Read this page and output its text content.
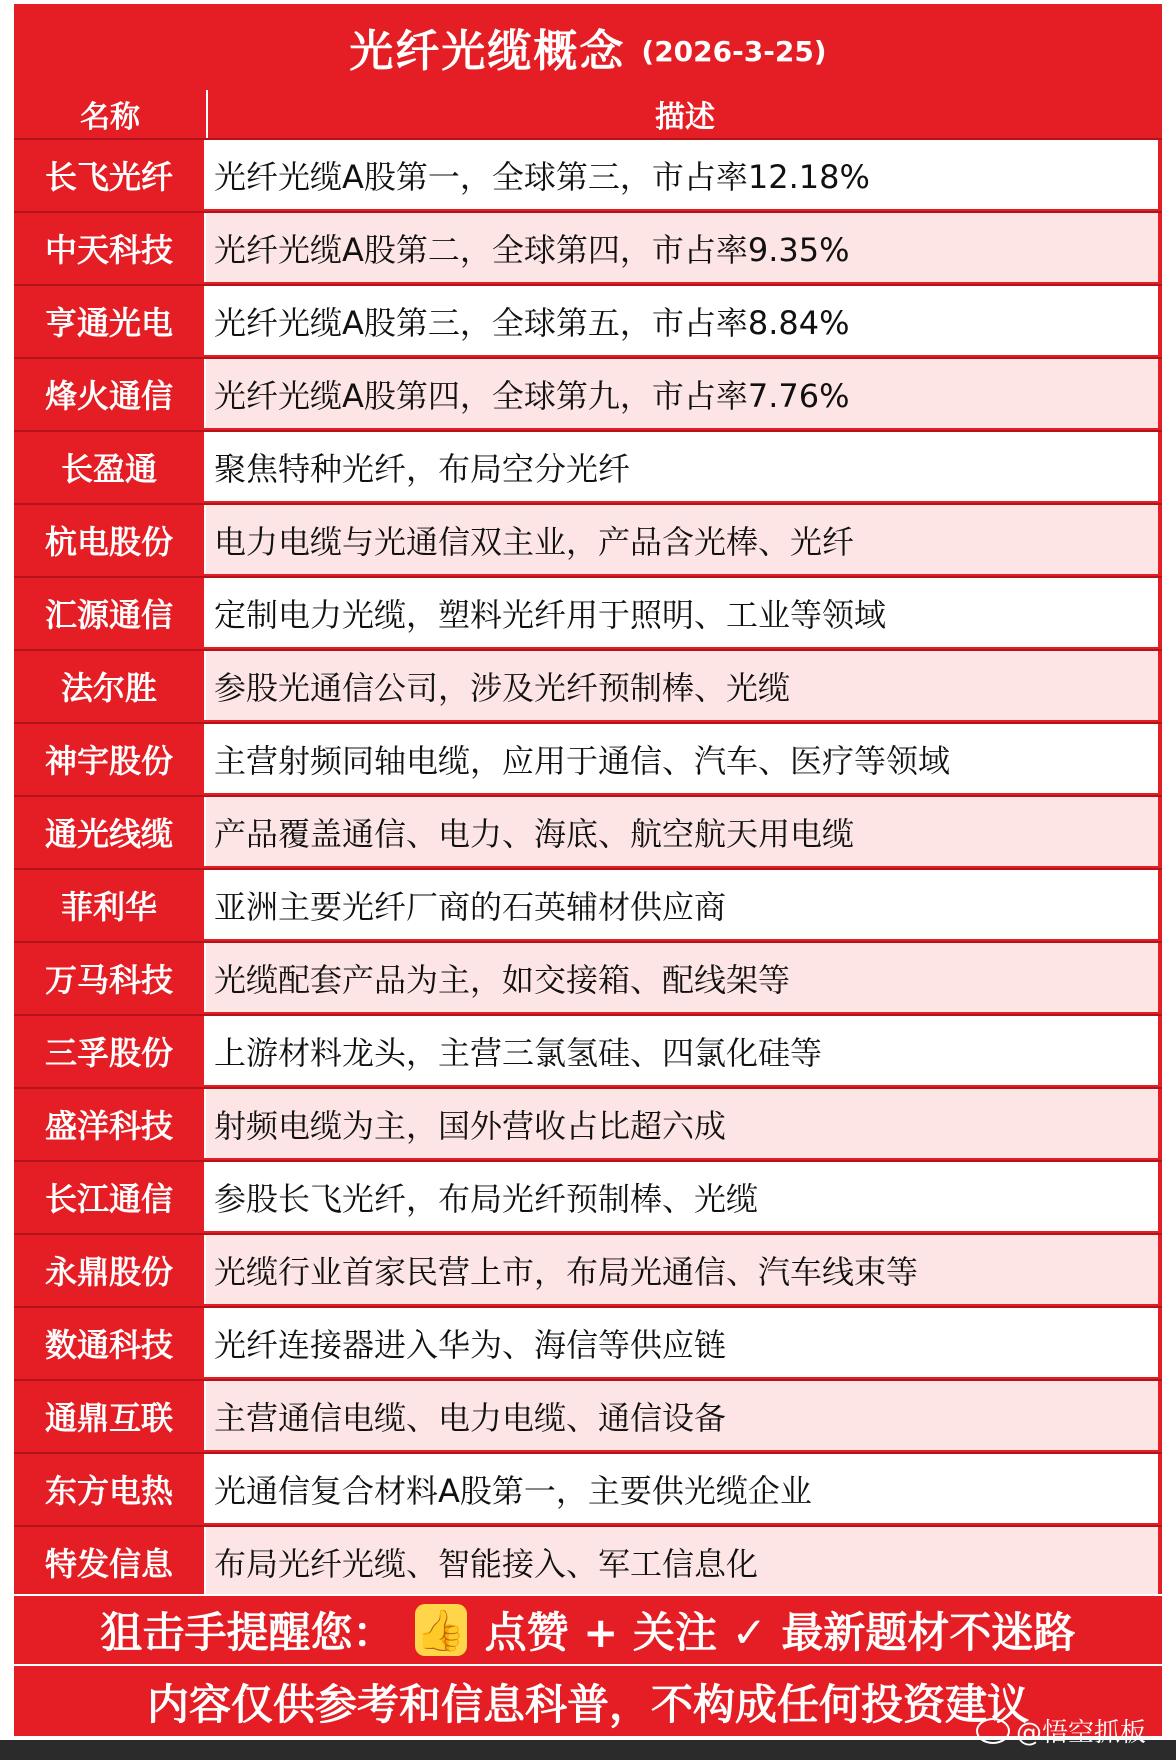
光纤光缆概念 (2026-3-25)
名称	描述
长飞光纤	光纤光缆A股第一，全球第三，市占率12.18%
中天科技	光纤光缆A股第二，全球第四，市占率9.35%
亨通光电	光纤光缆A股第三，全球第五，市占率8.84%
烽火通信	光纤光缆A股第四，全球第九，市占率7.76%
长盈通	聚焦特种光纤，布局空分光纤
杭电股份	电力电缆与光通信双主业，产品含光棒、光纤
汇源通信	定制电力光缆，塑料光纤用于照明、工业等领域
法尔胜	参股光通信公司，涉及光纤预制棒、光缆
神宇股份	主营射频同轴电缆，应用于通信、汽车、医疗等领域
通光线缆	产品覆盖通信、电力、海底、航空航天用电缆
菲利华	亚洲主要光纤厂商的石英辅材供应商
万马科技	光缆配套产品为主，如交接箱、配线架等
三孚股份	上游材料龙头，主营三氯氢硅、四氯化硅等
盛洋科技	射频电缆为主，国外营收占比超六成
长江通信	参股长飞光纤，布局光纤预制棒、光缆
永鼎股份	光缆行业首家民营上市，布局光通信、汽车线束等
数通科技	光纤连接器进入华为、海信等供应链
通鼎互联	主营通信电缆、电力电缆、通信设备
东方电热	光通信复合材料A股第一，主要供光缆企业
特发信息	布局光纤光缆、智能接入、军工信息化
狙击手提醒您： 👍 点赞 + 关注 ✓ 最新题材不迷路
内容仅供参考和信息科普，不构成任何投资建议
@悟空抓板
